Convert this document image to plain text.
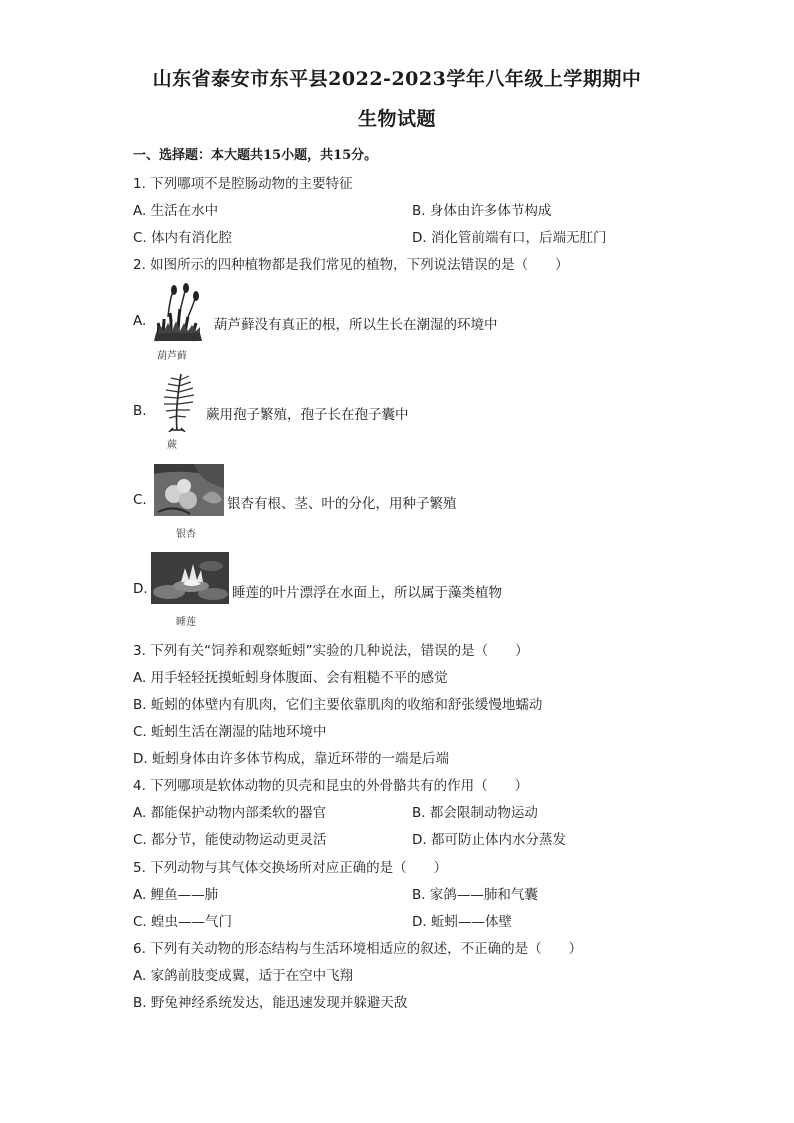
山东省泰安市东平县2022-2023学年八年级上学期期中
生物试题
一、选择题：本大题共15小题，共15分。
1. 下列哪项不是腔肠动物的主要特征
A. 生活在水中	B. 身体由许多体节构成
C. 体内有消化腔	D. 消化管前端有口，后端无肛门
2. 如图所示的四种植物都是我们常见的植物，下列说法错误的是（　　）
A.
葫芦藓
葫芦藓没有真正的根，所以生长在潮湿的环境中
B.
蕨
蕨用孢子繁殖，孢子长在孢子囊中
C.
银杏
银杏有根、茎、叶的分化，用种子繁殖
D.
睡莲
睡莲的叶片漂浮在水面上，所以属于藻类植物
3. 下列有关“饲养和观察蚯蚓”实验的几种说法，错误的是（　　）
A. 用手轻轻抚摸蚯蚓身体腹面、会有粗糙不平的感觉
B. 蚯蚓的体壁内有肌肉，它们主要依靠肌肉的收缩和舒张缓慢地蠕动
C. 蚯蚓生活在潮湿的陆地环境中
D. 蚯蚓身体由许多体节构成，靠近环带的一端是后端
4. 下列哪项是软体动物的贝壳和昆虫的外骨骼共有的作用（　　）
A. 都能保护动物内部柔软的器官	B. 都会限制动物运动
C. 都分节，能使动物运动更灵活	D. 都可防止体内水分蒸发
5. 下列动物与其气体交换场所对应正确的是（　　）
A. 鲤鱼——肺	B. 家鸽——肺和气囊
C. 蝗虫——气门	D. 蚯蚓——体壁
6. 下列有关动物的形态结构与生活环境相适应的叙述，不正确的是（　　）
A. 家鸽前肢变成翼，适于在空中飞翔
B. 野兔神经系统发达，能迅速发现并躲避天敌
